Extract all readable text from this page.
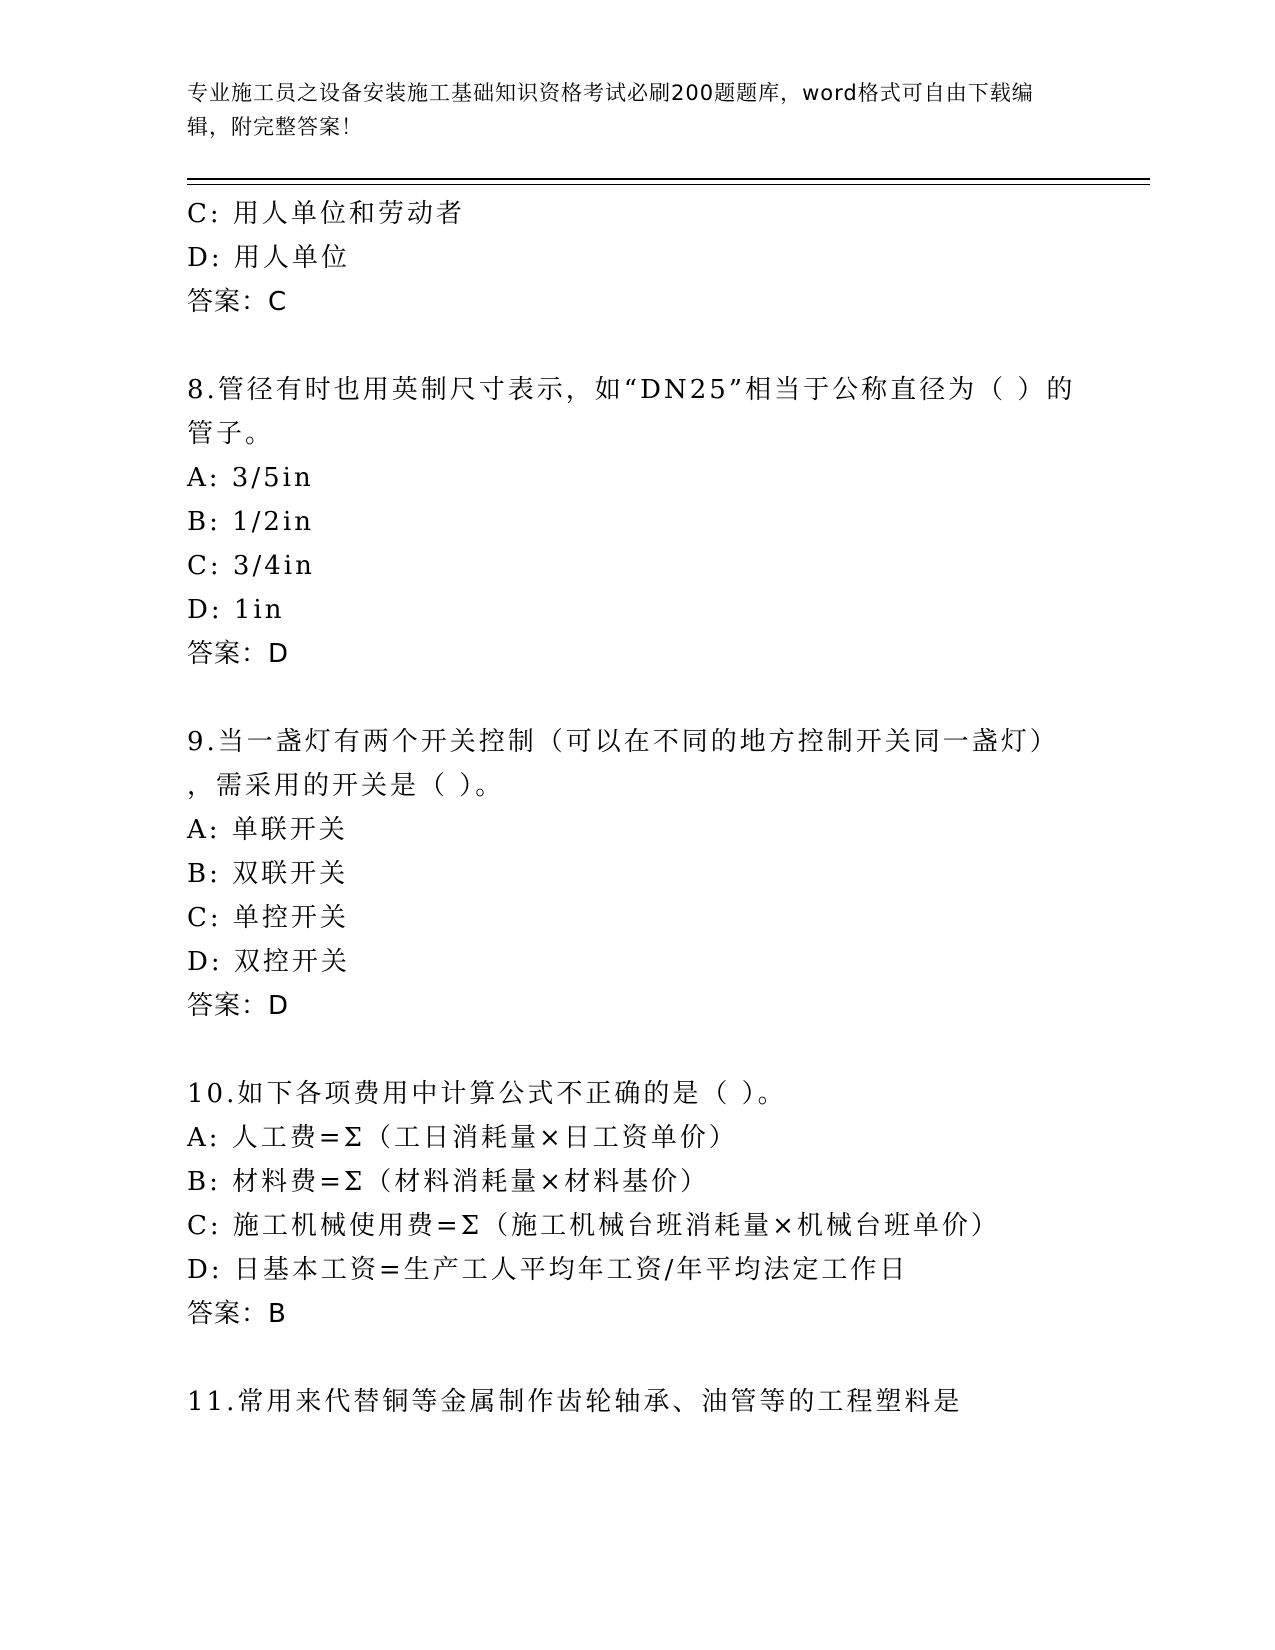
专业施工员之设备安装施工基础知识资格考试必刷200题题库，word格式可自由下载编辑，附完整答案！
C: 用人单位和劳动者
D: 用人单位
答案：C
8.管径有时也用英制尺寸表示，如“DN25”相当于公称直径为（ ）的
管子。
A: 3/5in
B: 1/2in
C: 3/4in
D: 1in
答案：D
9.当一盏灯有两个开关控制（可以在不同的地方控制开关同一盏灯）
，需采用的开关是（ ）。
A: 单联开关
B: 双联开关
C: 单控开关
D: 双控开关
答案：D
10.如下各项费用中计算公式不正确的是（ ）。
A: 人工费=Σ（工日消耗量×日工资单价）
B: 材料费=Σ（材料消耗量×材料基价）
C: 施工机械使用费=Σ（施工机械台班消耗量×机械台班单价）
D: 日基本工资=生产工人平均年工资/年平均法定工作日
答案：B
11.常用来代替铜等金属制作齿轮轴承、油管等的工程塑料是
